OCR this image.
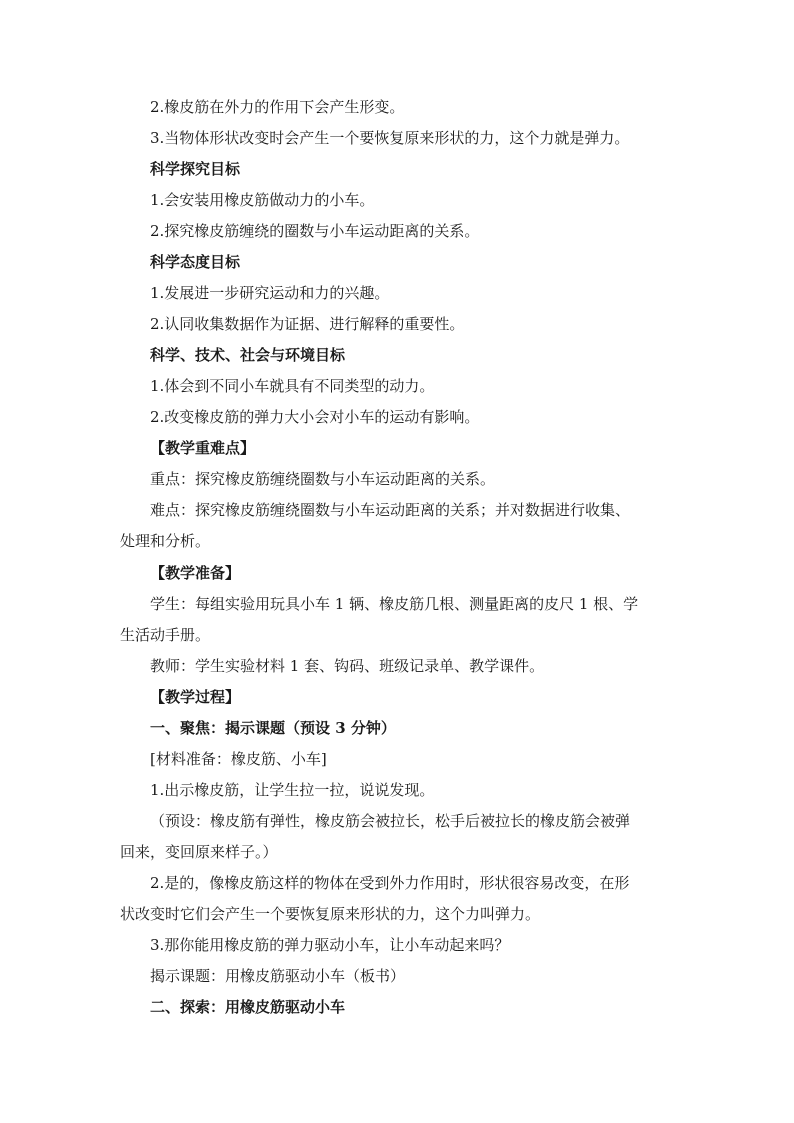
2.橡皮筋在外力的作用下会产生形变。
3.当物体形状改变时会产生一个要恢复原来形状的力，这个力就是弹力。
科学探究目标
1.会安装用橡皮筋做动力的小车。
2.探究橡皮筋缠绕的圈数与小车运动距离的关系。
科学态度目标
1.发展进一步研究运动和力的兴趣。
2.认同收集数据作为证据、进行解释的重要性。
科学、技术、社会与环境目标
1.体会到不同小车就具有不同类型的动力。
2.改变橡皮筋的弹力大小会对小车的运动有影响。
【教学重难点】
重点：探究橡皮筋缠绕圈数与小车运动距离的关系。
难点：探究橡皮筋缠绕圈数与小车运动距离的关系；并对数据进行收集、
处理和分析。
【教学准备】
学生：每组实验用玩具小车 1 辆、橡皮筋几根、测量距离的皮尺 1 根、学
生活动手册。
教师：学生实验材料 1 套、钩码、班级记录单、教学课件。
【教学过程】
一、聚焦：揭示课题（预设 3 分钟）
[材料准备：橡皮筋、小车]
1.出示橡皮筋，让学生拉一拉，说说发现。
（预设：橡皮筋有弹性，橡皮筋会被拉长，松手后被拉长的橡皮筋会被弹
回来，变回原来样子。）
2.是的，像橡皮筋这样的物体在受到外力作用时，形状很容易改变，在形
状改变时它们会产生一个要恢复原来形状的力，这个力叫弹力。
3.那你能用橡皮筋的弹力驱动小车，让小车动起来吗？
揭示课题：用橡皮筋驱动小车（板书）
二、探索：用橡皮筋驱动小车
